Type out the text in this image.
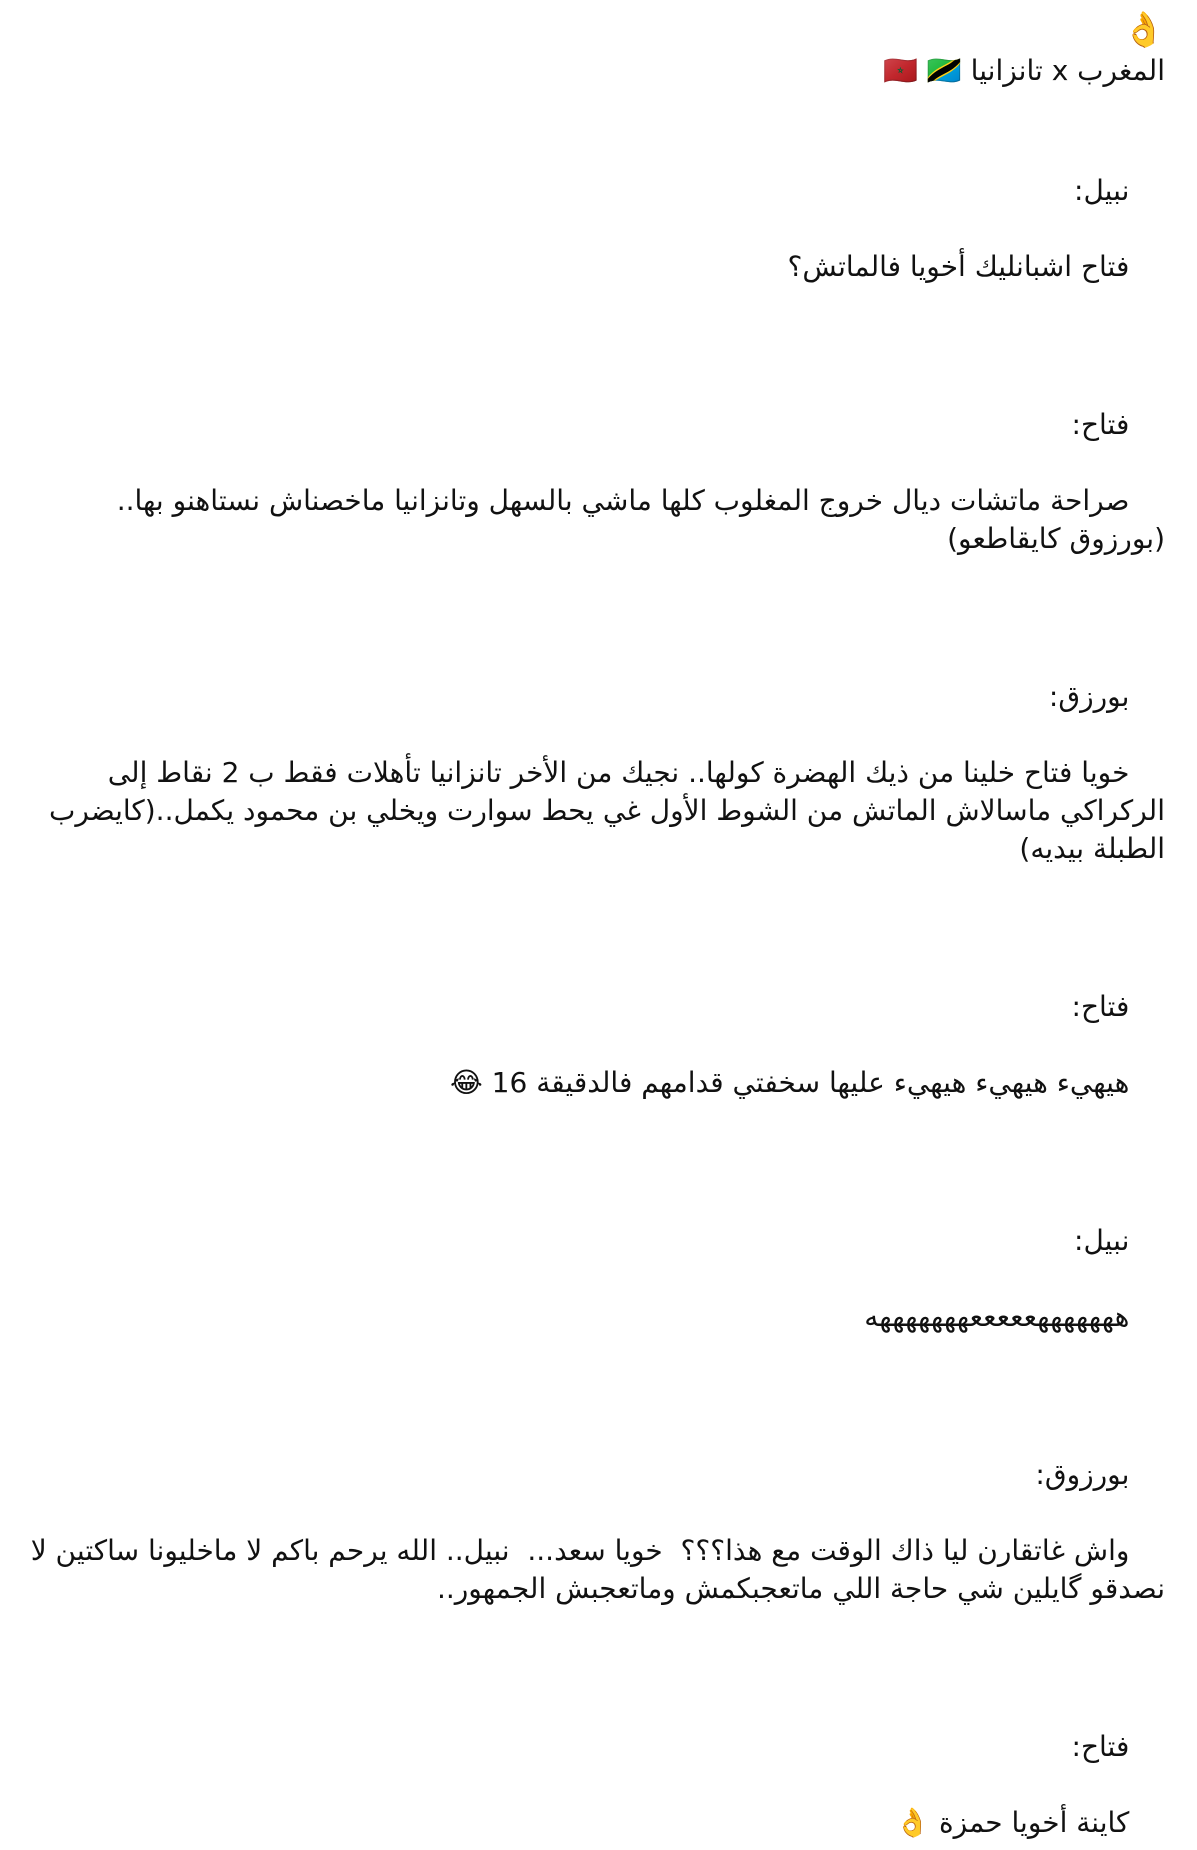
👌

المغرب x تانزانيا 🇲🇦 🇹🇿

نبيل:

فتاح اشبانليك أخويا فالماتش؟

فتاح:

صراحة ماتشات ديال خروج المغلوب كلها ماشي بالسهل وتانزانيا ماخصناش نستاهنو بها..(بورزوق كايقاطعو)

بورزق:

خويا فتاح خلينا من ذيك الهضرة كولها.. نجيك من الأخر تانزانيا تأهلات فقط ب 2 نقاط إلى الركراكي ماسالاش الماتش من الشوط الأول غي يحط سوارت ويخلي بن محمود يكمل..(كايضرب الطبلة بيديه)

فتاح:

هيهيء هيهيء هيهيء عليها سخفتي قدامهم فالدقيقة 16 😂

نبيل:

هههههههعععععهههههههه

بورزوق:

واش غاتقارن ليا ذاك الوقت مع هذا؟؟؟  خويا سعد...  نبيل.. الله يرحم باكم لا ماخليونا ساكتين لا نصدقو گايلين شي حاجة اللي ماتعجبكمش وماتعجبش الجمهور..

فتاح:

كاينة أخويا حمزة 👌
